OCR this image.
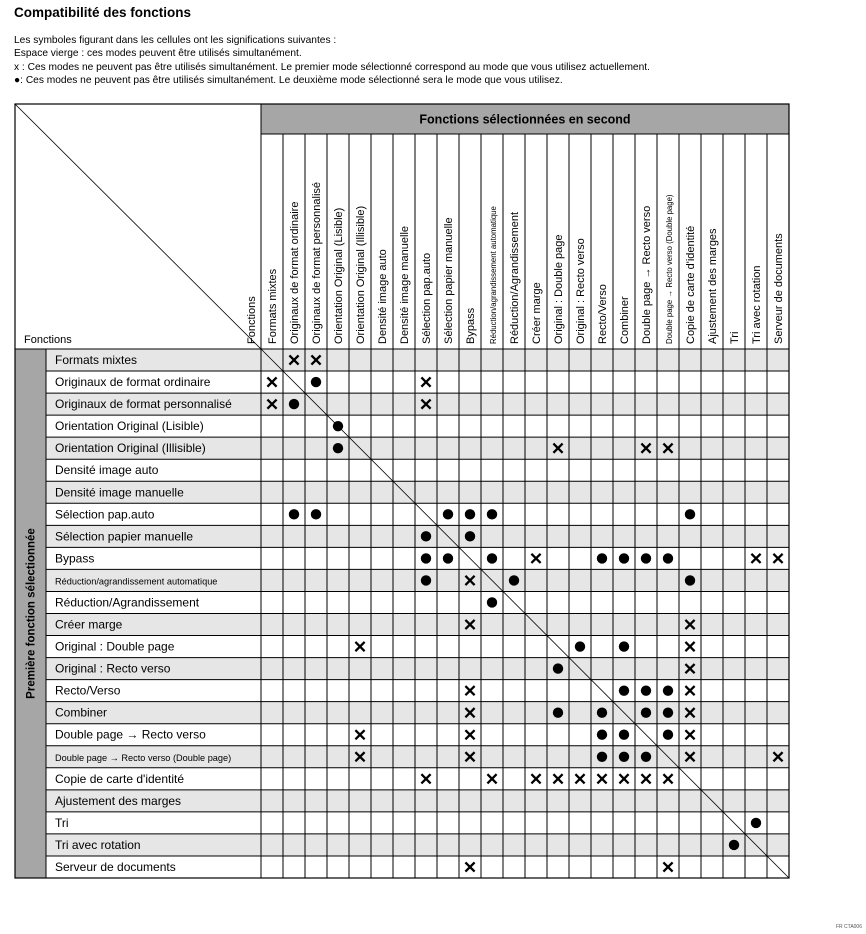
Compatibilité des fonctions
Les symboles figurant dans les cellules ont les significations suivantes :
Espace vierge : ces modes peuvent être utilisés simultanément.
x : Ces modes ne peuvent pas être utilisés simultanément. Le premier mode sélectionné correspond au mode que vous utilisez actuellement.
●: Ces modes ne peuvent pas être utilisés simultanément. Le deuxième mode sélectionné sera le mode que vous utilisez.
Fonctions sélectionnées en second
Première fonction sélectionnée
Fonctions	Fonctions Formats mixtes Originaux de format ordinaire Originaux de format personnalisé Orientation Original (Lisible) Orientation Original (Illisible) Densité image auto Densité image manuelle Sélection pap.auto Sélection papier manuelle Bypass Réduction/agrandissement automatique Réduction/Agrandissement Créer marge Original : Double page Original : Recto verso Recto/Verso Combiner Double page → Recto verso Double page → Recto verso (Double page) Copie de carte d'identité Ajustement des marges Tri Tri avec rotation Serveur de documents
Formats mixtes
Originaux de format ordinaire
Originaux de format personnalisé
Orientation Original (Lisible)
Orientation Original (Illisible)
Densité image auto
Densité image manuelle
Sélection pap.auto
Sélection papier manuelle
Bypass
Réduction/agrandissement automatique
Réduction/Agrandissement
Créer marge
Original : Double page
Original : Recto verso
Recto/Verso
Combiner
Double page → Recto verso
Double page → Recto verso (Double page)
Copie de carte d'identité
Ajustement des marges
Tri
Tri avec rotation
Serveur de documents
FR CTA006
